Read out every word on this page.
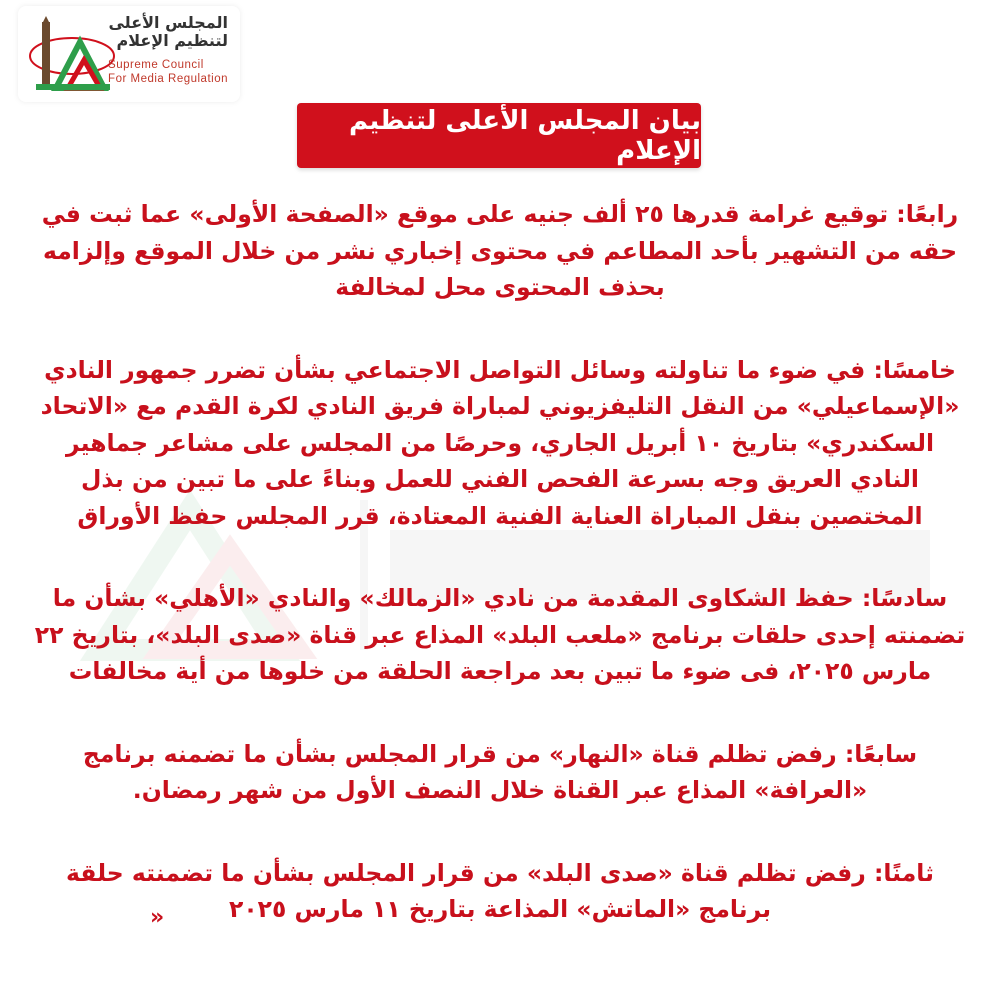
المجلس الأعلى
لتنظيم الإعلام
Supreme Council
For Media Regulation
بيان المجلس الأعلى لتنظيم الإعلام

رابعًا: توقيع غرامة قدرها ٢٥ ألف جنيه على موقع «الصفحة الأولى» عما ثبت في حقه من التشهير بأحد المطاعم في محتوى إخباري نشر من خلال الموقع وإلزامه بحذف المحتوى محل لمخالفة

خامسًا: في ضوء ما تناولته وسائل التواصل الاجتماعي بشأن تضرر جمهور النادي «الإسماعيلي» من النقل التليفزيوني لمباراة فريق النادي لكرة القدم مع «الاتحاد السكندري» بتاريخ ١٠ أبريل الجاري، وحرصًا من المجلس على مشاعر جماهير النادي العريق وجه بسرعة الفحص الفني للعمل وبناءً على ما تبين من بذل المختصين بنقل المباراة العناية الفنية المعتادة، قرر المجلس حفظ الأوراق

سادسًا: حفظ الشكاوى المقدمة من نادي «الزمالك» والنادي «الأهلي» بشأن ما تضمنته إحدى حلقات برنامج «ملعب البلد» المذاع عبر قناة «صدى البلد»، بتاريخ ٢٢ مارس ٢٠٢٥، فى ضوء ما تبين بعد مراجعة الحلقة من خلوها من أية مخالفات

سابعًا: رفض تظلم قناة «النهار» من قرار المجلس بشأن ما تضمنه برنامج «العرافة» المذاع عبر القناة خلال النصف الأول من شهر رمضان.

ثامنًا: رفض تظلم قناة «صدى البلد» من قرار المجلس بشأن ما تضمنته حلقة برنامج «الماتش» المذاعة بتاريخ ١١ مارس ٢٠٢٥

»
